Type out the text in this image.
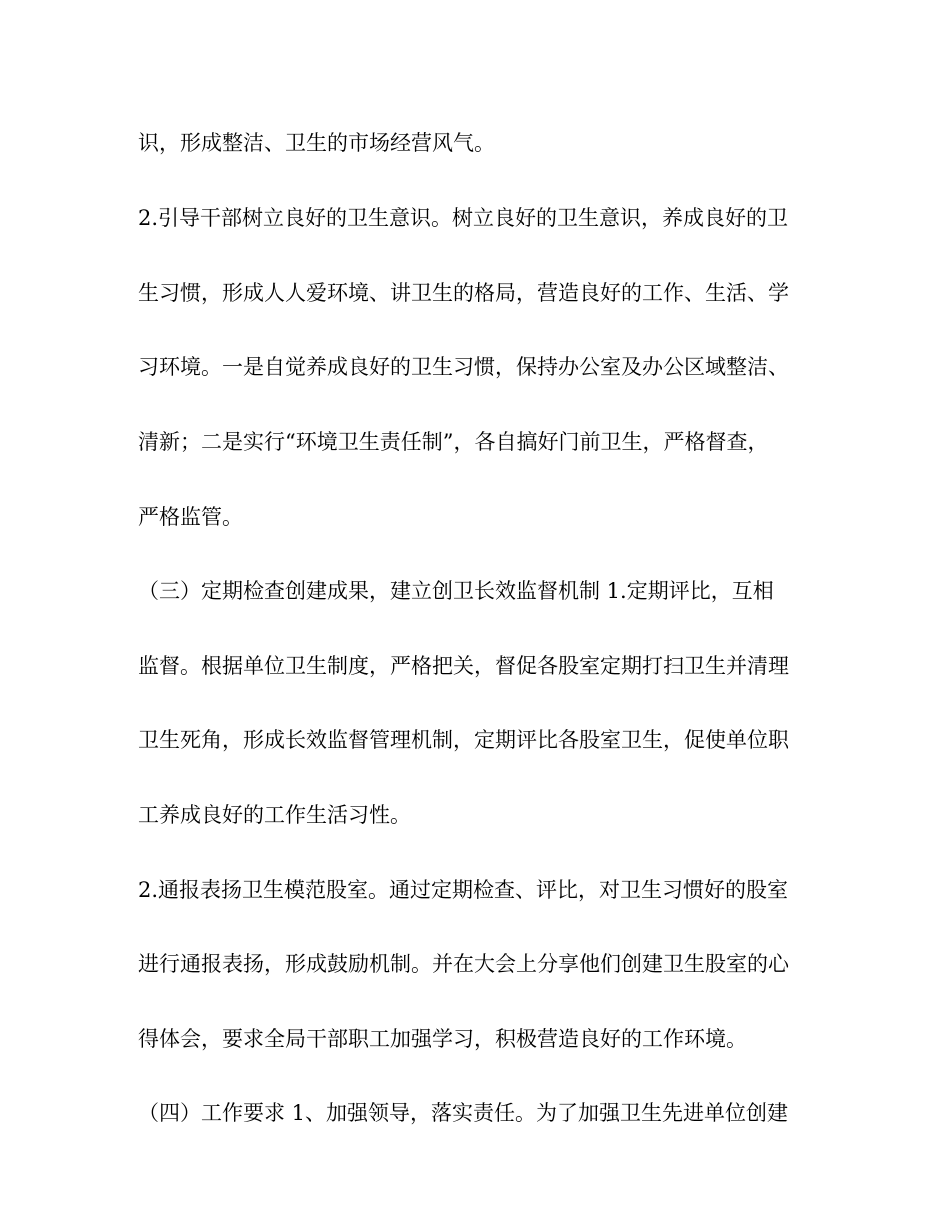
识，形成整洁、卫生的市场经营风气。
2.引导干部树立良好的卫生意识。树立良好的卫生意识，养成良好的卫
生习惯，形成人人爱环境、讲卫生的格局，营造良好的工作、生活、学
习环境。一是自觉养成良好的卫生习惯，保持办公室及办公区域整洁、
清新；二是实行“环境卫生责任制”，各自搞好门前卫生，严格督查，
严格监管。
（三）定期检查创建成果，建立创卫长效监督机制 1.定期评比，互相
监督。根据单位卫生制度，严格把关，督促各股室定期打扫卫生并清理
卫生死角，形成长效监督管理机制，定期评比各股室卫生，促使单位职
工养成良好的工作生活习性。
2.通报表扬卫生模范股室。通过定期检查、评比，对卫生习惯好的股室
进行通报表扬，形成鼓励机制。并在大会上分享他们创建卫生股室的心
得体会，要求全局干部职工加强学习，积极营造良好的工作环境。
（四）工作要求 1、加强领导，落实责任。为了加强卫生先进单位创建
